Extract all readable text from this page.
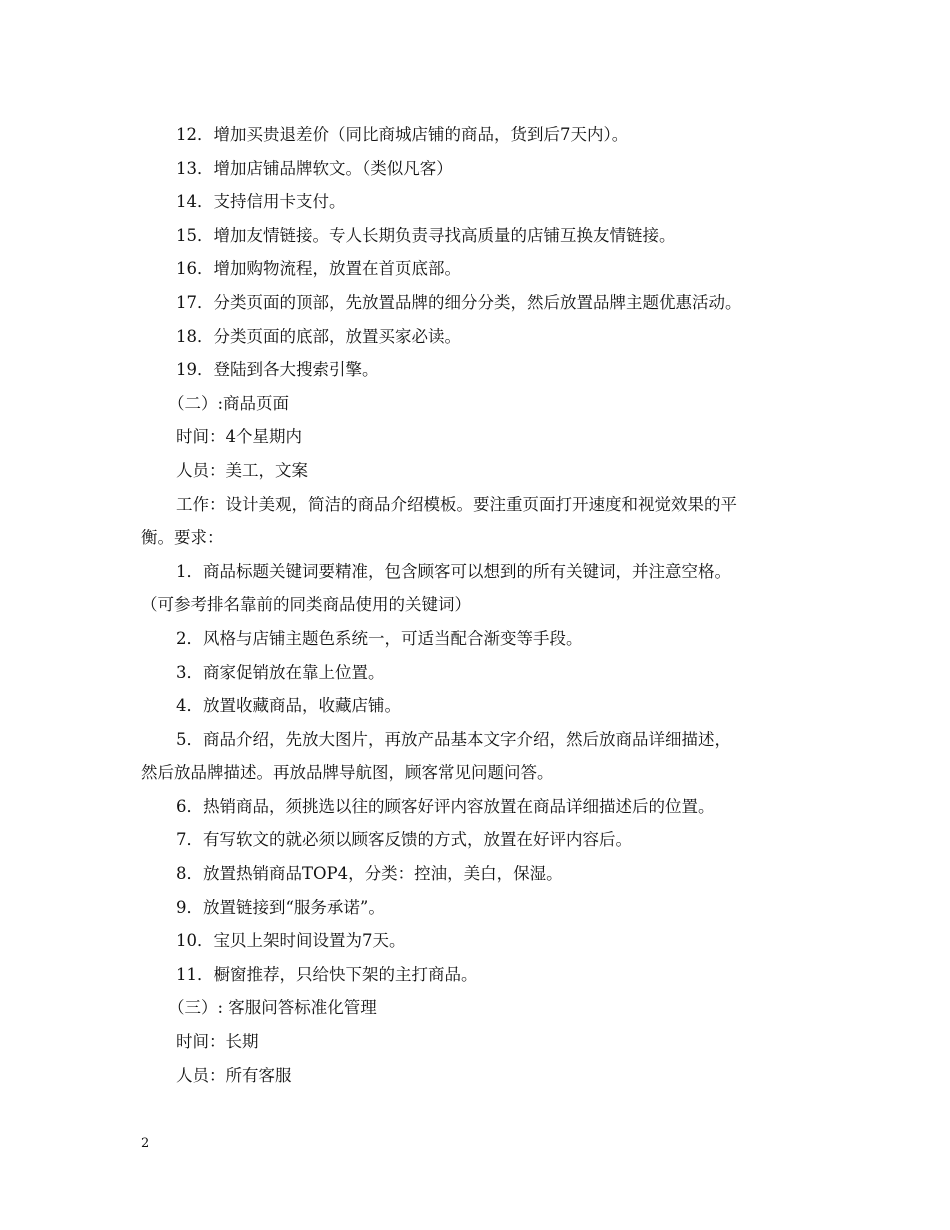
12．增加买贵退差价（同比商城店铺的商品，货到后7天内）。
13．增加店铺品牌软文。（类似凡客）
14．支持信用卡支付。
15．增加友情链接。专人长期负责寻找高质量的店铺互换友情链接。
16．增加购物流程，放置在首页底部。
17．分类页面的顶部，先放置品牌的细分分类，然后放置品牌主题优惠活动。
18．分类页面的底部，放置买家必读。
19．登陆到各大搜索引擎。
（二）:商品页面
时间：4个星期内
人员：美工，文案
工作：设计美观，简洁的商品介绍模板。要注重页面打开速度和视觉效果的平
衡。要求：
1．商品标题关键词要精准，包含顾客可以想到的所有关键词，并注意空格。
（可参考排名靠前的同类商品使用的关键词）
2．风格与店铺主题色系统一，可适当配合渐变等手段。
3．商家促销放在靠上位置。
4．放置收藏商品，收藏店铺。
5．商品介绍，先放大图片，再放产品基本文字介绍，然后放商品详细描述，
然后放品牌描述。再放品牌导航图，顾客常见问题问答。
6．热销商品，须挑选以往的顾客好评内容放置在商品详细描述后的位置。
7．有写软文的就必须以顾客反馈的方式，放置在好评内容后。
8．放置热销商品TOP4，分类：控油，美白，保湿。
9．放置链接到“服务承诺”。
10．宝贝上架时间设置为7天。
11．橱窗推荐，只给快下架的主打商品。
（三）: 客服问答标准化管理
时间：长期
人员：所有客服
2
